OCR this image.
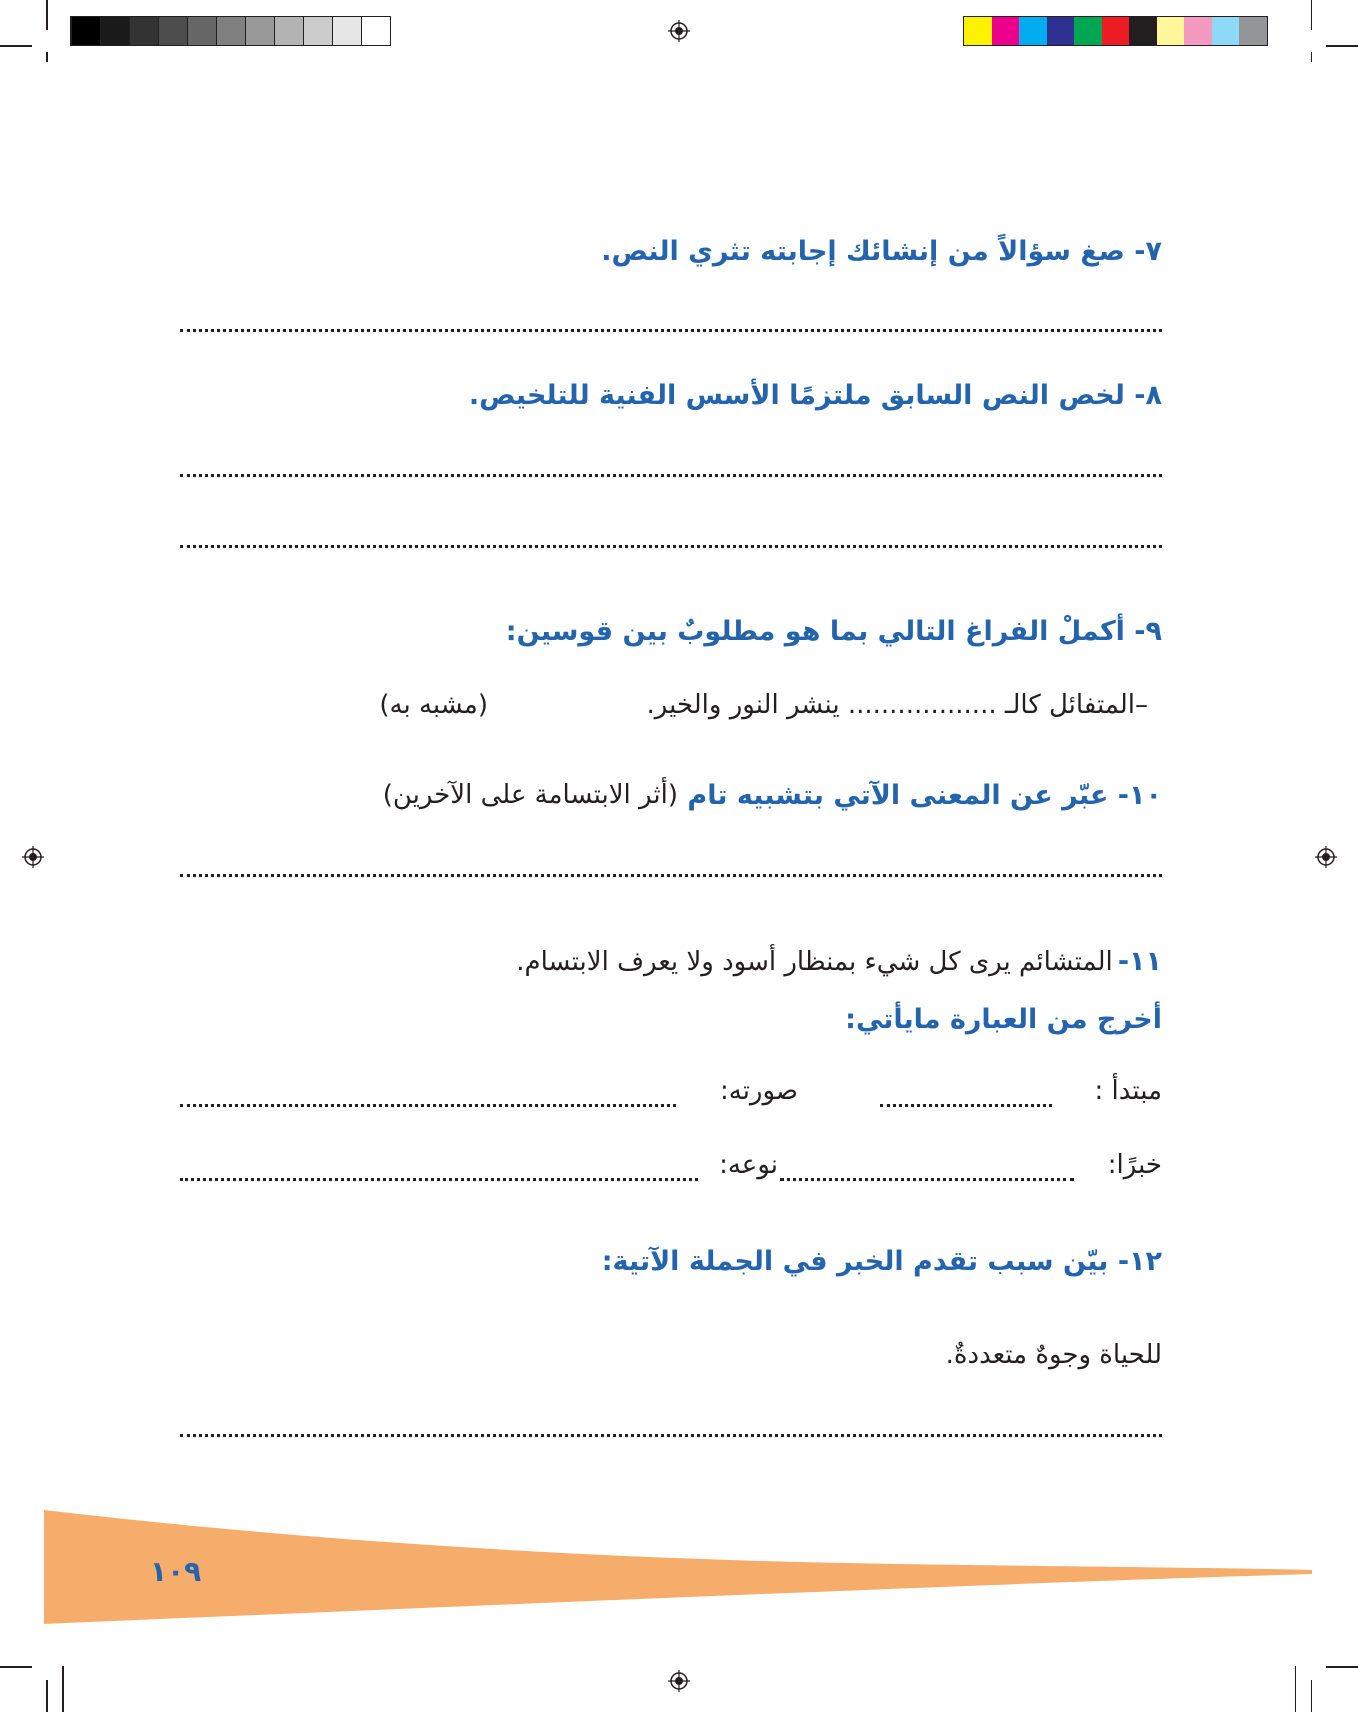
٧- صغ سؤالاً من إنشائك إجابته تثري النص.
٨- لخص النص السابق ملتزمًا الأسس الفنية للتلخيص.
٩- أكملْ الفراغ التالي بما هو مطلوبٌ بين قوسين:
–المتفائل كالـ .................. ينشر النور والخير.
(مشبه به)
١٠- عبّر عن المعنى الآتي بتشبيه تام
(أثر الابتسامة على الآخرين)
١١- المتشائم يرى كل شيء بمنظار أسود ولا يعرف الابتسام.
أخرج من العبارة مايأتي:
مبتدأ :
صورته:
خبرًا:
نوعه:
١٢- بيّن سبب تقدم الخبر في الجملة الآتية:
للحياة وجوهٌ متعددةٌ.
١٠٩
